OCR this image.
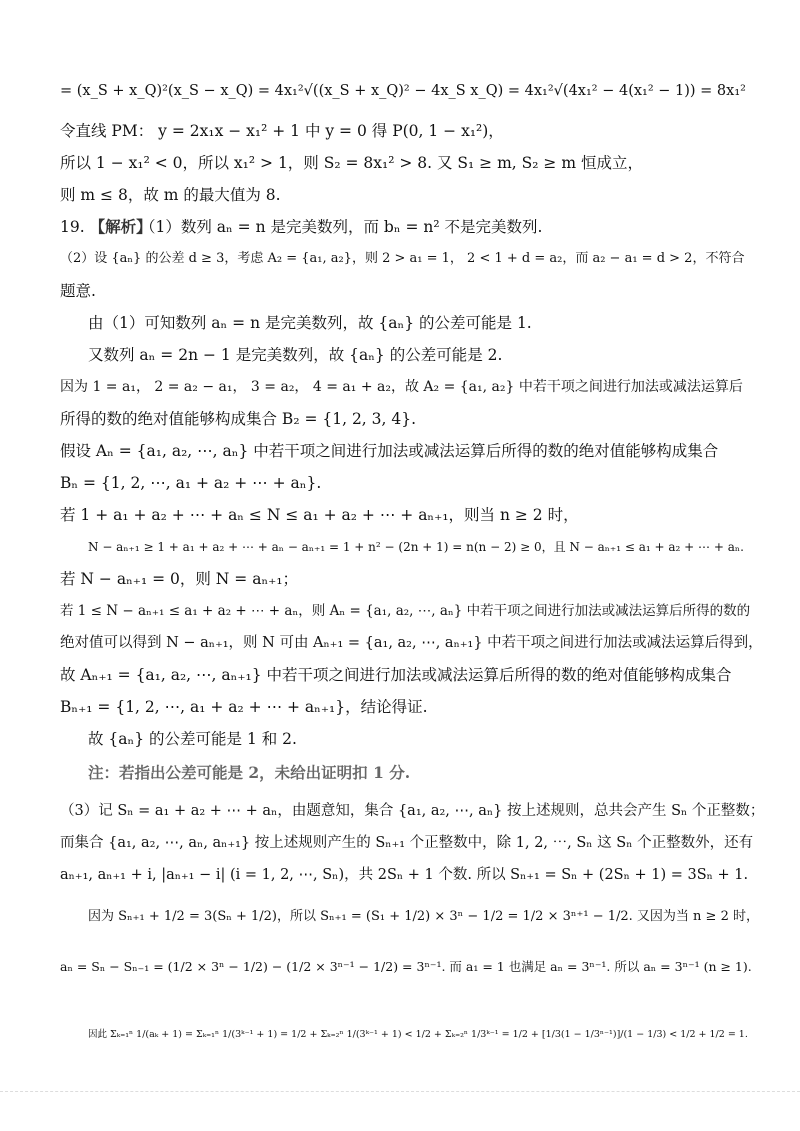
= (x_S + x_Q)²(x_S − x_Q) = 4x₁²√((x_S + x_Q)² − 4x_S x_Q) = 4x₁²√(4x₁² − 4(x₁² − 1)) = 8x₁²
令直线 PM： y = 2x₁x − x₁² + 1 中 y = 0 得 P(0, 1 − x₁²)，
所以 1 − x₁² < 0，所以 x₁² > 1，则 S₂ = 8x₁² > 8. 又 S₁ ≥ m, S₂ ≥ m 恒成立，
则 m ≤ 8，故 m 的最大值为 8.
19. 【解析】
（1）数列 aₙ = n 是完美数列，而 bₙ = n² 不是完美数列.
（2）设 {aₙ} 的公差 d ≥ 3，考虑 A₂ = {a₁, a₂}，则 2 > a₁ = 1， 2 < 1 + d = a₂，而 a₂ − a₁ = d > 2，不符合
题意.
由（1）可知数列 aₙ = n 是完美数列，故 {aₙ} 的公差可能是 1.
又数列 aₙ = 2n − 1 是完美数列，故 {aₙ} 的公差可能是 2.
因为 1 = a₁， 2 = a₂ − a₁， 3 = a₂， 4 = a₁ + a₂，故 A₂ = {a₁, a₂} 中若干项之间进行加法或减法运算后
所得的数的绝对值能够构成集合 B₂ = {1, 2, 3, 4}.
假设 Aₙ = {a₁, a₂, ⋯, aₙ} 中若干项之间进行加法或减法运算后所得的数的绝对值能够构成集合
Bₙ = {1, 2, ⋯, a₁ + a₂ + ⋯ + aₙ}.
若 1 + a₁ + a₂ + ⋯ + aₙ ≤ N ≤ a₁ + a₂ + ⋯ + aₙ₊₁，则当 n ≥ 2 时，
N − aₙ₊₁ ≥ 1 + a₁ + a₂ + ⋯ + aₙ − aₙ₊₁ = 1 + n² − (2n + 1) = n(n − 2) ≥ 0，且 N − aₙ₊₁ ≤ a₁ + a₂ + ⋯ + aₙ.
若 N − aₙ₊₁ = 0，则 N = aₙ₊₁；
若 1 ≤ N − aₙ₊₁ ≤ a₁ + a₂ + ⋯ + aₙ，则 Aₙ = {a₁, a₂, ⋯, aₙ} 中若干项之间进行加法或减法运算后所得的数的
绝对值可以得到 N − aₙ₊₁，则 N 可由 Aₙ₊₁ = {a₁, a₂, ⋯, aₙ₊₁} 中若干项之间进行加法或减法运算后得到，
故 Aₙ₊₁ = {a₁, a₂, ⋯, aₙ₊₁} 中若干项之间进行加法或减法运算后所得的数的绝对值能够构成集合
Bₙ₊₁ = {1, 2, ⋯, a₁ + a₂ + ⋯ + aₙ₊₁}，结论得证.
故 {aₙ} 的公差可能是 1 和 2.
注：若指出公差可能是 2，未给出证明扣 1 分.
（3）记 Sₙ = a₁ + a₂ + ⋯ + aₙ，由题意知，集合 {a₁, a₂, ⋯, aₙ} 按上述规则，总共会产生 Sₙ 个正整数；
而集合 {a₁, a₂, ⋯, aₙ, aₙ₊₁} 按上述规则产生的 Sₙ₊₁ 个正整数中，除 1, 2, ⋯, Sₙ 这 Sₙ 个正整数外，还有
aₙ₊₁, aₙ₊₁ + i, |aₙ₊₁ − i| (i = 1, 2, ⋯, Sₙ)，共 2Sₙ + 1 个数. 所以 Sₙ₊₁ = Sₙ + (2Sₙ + 1) = 3Sₙ + 1.
因为 Sₙ₊₁ + 1/2 = 3(Sₙ + 1/2)，所以 Sₙ₊₁ = (S₁ + 1/2) × 3ⁿ − 1/2 = 1/2 × 3ⁿ⁺¹ − 1/2. 又因为当 n ≥ 2 时，
aₙ = Sₙ − Sₙ₋₁ = (1/2 × 3ⁿ − 1/2) − (1/2 × 3ⁿ⁻¹ − 1/2) = 3ⁿ⁻¹. 而 a₁ = 1 也满足 aₙ = 3ⁿ⁻¹. 所以 aₙ = 3ⁿ⁻¹ (n ≥ 1).
因此 Σₖ₌₁ⁿ 1/(aₖ + 1) = Σₖ₌₁ⁿ 1/(3ᵏ⁻¹ + 1) = 1/2 + Σₖ₌₂ⁿ 1/(3ᵏ⁻¹ + 1) < 1/2 + Σₖ₌₂ⁿ 1/3ᵏ⁻¹ = 1/2 + [1/3(1 − 1/3ⁿ⁻¹)]/(1 − 1/3) < 1/2 + 1/2 = 1.
